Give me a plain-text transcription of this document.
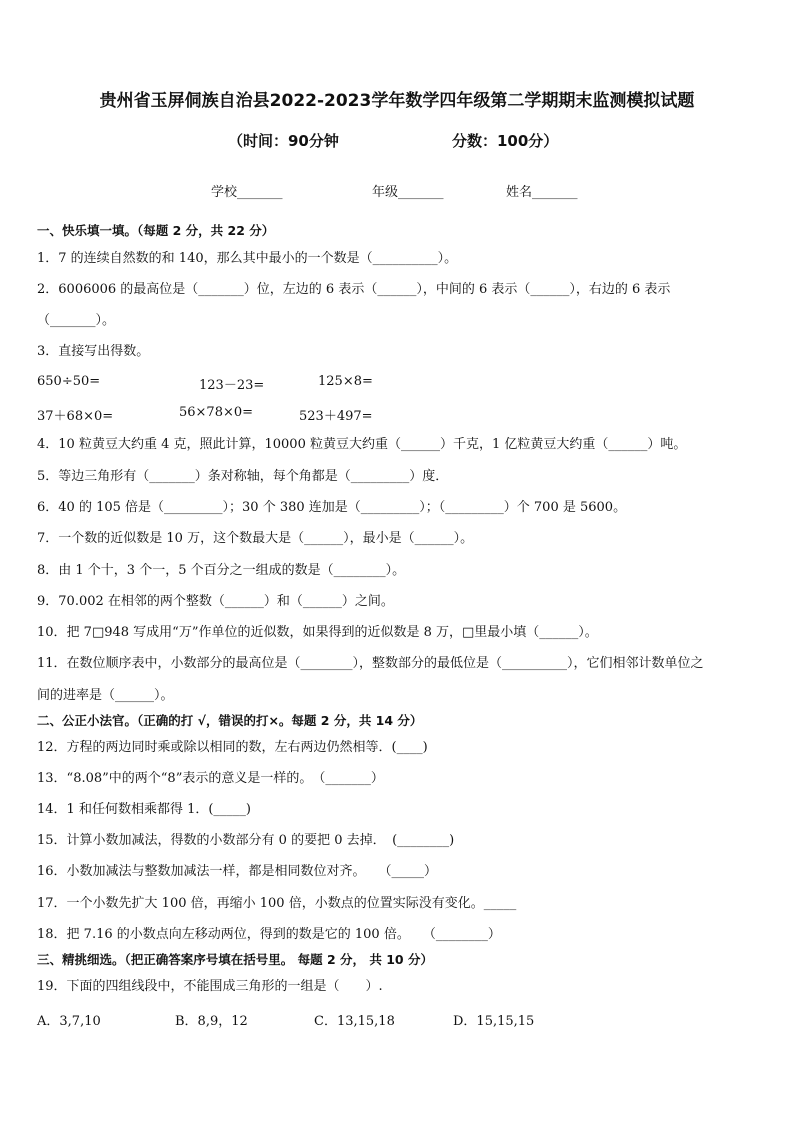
贵州省玉屏侗族自治县2022-2023学年数学四年级第二学期期末监测模拟试题
（时间：90分钟	分数：100分）
学校_______	年级_______	姓名_______
一、快乐填一填。（每题 2 分，共 22 分）
1．7 的连续自然数的和 140，那么其中最小的一个数是（__________）。
2．6006006 的最高位是（_______）位，左边的 6 表示（______），中间的 6 表示（______），右边的 6 表示
（_______）。
3．直接写出得数。
650÷50=	123－23=	125×8=
37＋68×0=	56×78×0=	523＋497=
4．10 粒黄豆大约重 4 克，照此计算，10000 粒黄豆大约重（______）千克，1 亿粒黄豆大约重（______）吨。
5．等边三角形有（_______）条对称轴，每个角都是（_________）度．
6．40 的 105 倍是（_________）；30 个 380 连加是（_________）；（_________）个 700 是 5600。
7．一个数的近似数是 10 万，这个数最大是（______），最小是（______）。
8．由 1 个十，3 个一，5 个百分之一组成的数是（________）。
9．70.002 在相邻的两个整数（______）和（______）之间。
10．把 7□948 写成用“万”作单位的近似数，如果得到的近似数是 8 万，□里最小填（______）。
11．在数位顺序表中，小数部分的最高位是（________），整数部分的最低位是（__________），它们相邻计数单位之
间的进率是（______）。
二、公正小法官。（正确的打 √，错误的打×。每题 2 分，共 14 分）
12．方程的两边同时乘或除以相同的数，左右两边仍然相等．(____)
13．“8.08”中的两个“8”表示的意义是一样的。　（_______）
14．1 和任何数相乘都得 1．(_____)
15．计算小数加减法，得数的小数部分有 0 的要把 0 去掉．　(________)
16．小数加减法与整数加减法一样，都是相同数位对齐。　　（_____）
17．一个小数先扩大 100 倍，再缩小 100 倍，小数点的位置实际没有变化。_____
18．把 7.16 的小数点向左移动两位，得到的数是它的 100 倍。　　（________）
三、精挑细选。（把正确答案序号填在括号里。 每题 2 分， 共 10 分）
19．下面的四组线段中，不能围成三角形的一组是（　　）.
A．3,7,10	B．8,9，12	C．13,15,18	D．15,15,15
